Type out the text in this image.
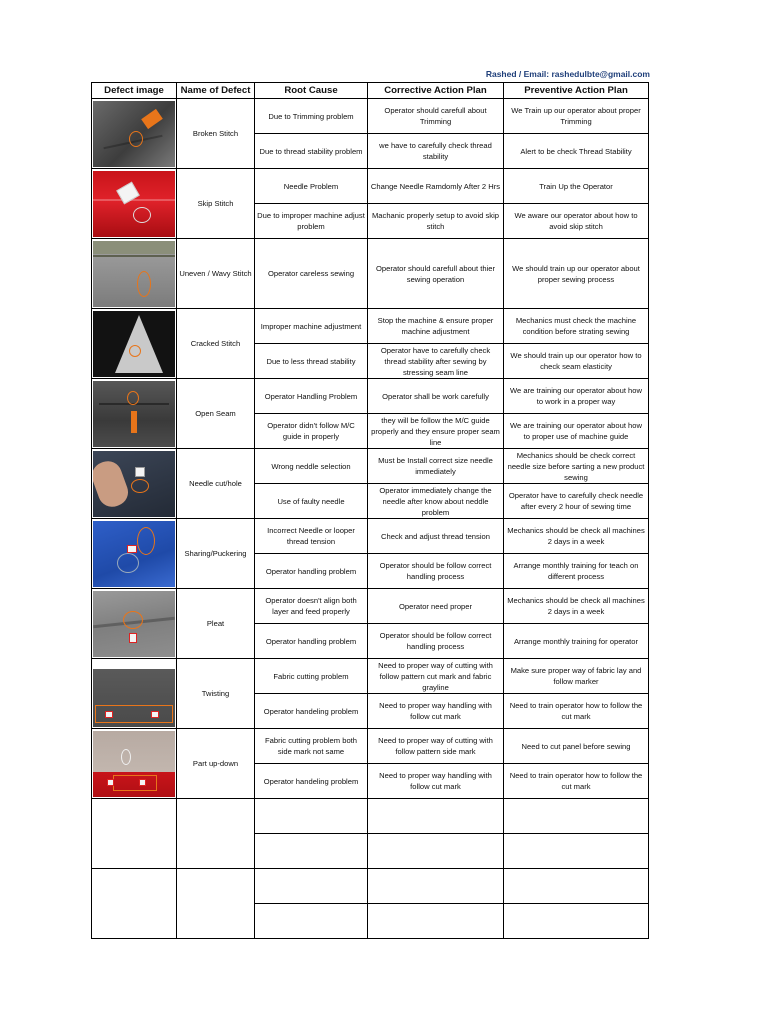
Rashed / Email: rashedulbte@gmail.com
Defect image	Name of Defect	Root Cause	Corrective Action Plan	Preventive Action Plan

	Broken Stitch	Due to Trimming problem	Operator should carefull about Trimming	We Train up our operator about proper Trimming
		Due to thread stability problem	we have to carefully check thread stability	Alert to be check Thread Stability

	Skip Stitch	Needle Problem	Change Needle Ramdomly After 2 Hrs	Train Up the Operator
		Due to improper machine adjust problem	Machanic properly setup to avoid skip stitch	We aware our operator about how to avoid skip stitch

	Uneven / Wavy Stitch	Operator careless sewing	Operator should carefull about thier sewing operation	We should train up our operator about proper sewing process

	Cracked Stitch	Improper machine adjustment	Stop the machine & ensure proper machine adjustment	Mechanics must check the machine condition before strating sewing
		Due to less thread stability	Operator have to carefully check thread stability after sewing by stressing seam line	We should train up our operator how to check seam elasticity

	Open Seam	Operator Handling Problem	Operator shall be work carefully	We are training our operator about how to work in a proper way
		Operator didn't follow M/C guide in properly	they will be follow the M/C guide properly and they ensure proper seam line	We are training our operator about how to proper use of machine guide

	Needle cut/hole	Wrong neddle selection	Must be Install correct size needle immediately	Mechanics should be check correct needle size before sarting a new product sewing
		Use of faulty needle	Operator immediately change the needle after know about neddle problem	Operator have to carefully check needle after every 2 hour of sewing time

	Sharing/Puckering	Incorrect Needle or looper thread tension	Check and adjust thread tension	Mechanics should be check all machines 2 days in a week
		Operator handling problem	Operator should be follow correct handling process	Arrange monthly training for teach on different process

	Pleat	Operator doesn't align both layer and feed properly	Operator need proper	Mechanics should be check all machines 2 days in a week
		Operator handling problem	Operator should be follow correct handling process	Arrange monthly training for operator

	Twisting	Fabric cutting problem	Need to proper way of cutting with follow pattern cut mark and fabric grayline	Make sure proper way of fabric lay and follow marker
		Operator handeling problem	Need to proper way handling with follow cut mark	Need to train operator how to follow the cut mark

	Part up-down	Fabric cutting problem both side mark not same	Need to proper way of cutting with follow pattern side mark	Need to cut panel before sewing
		Operator handeling problem	Need to proper way handling with follow cut mark	Need to train operator how to follow the cut mark
